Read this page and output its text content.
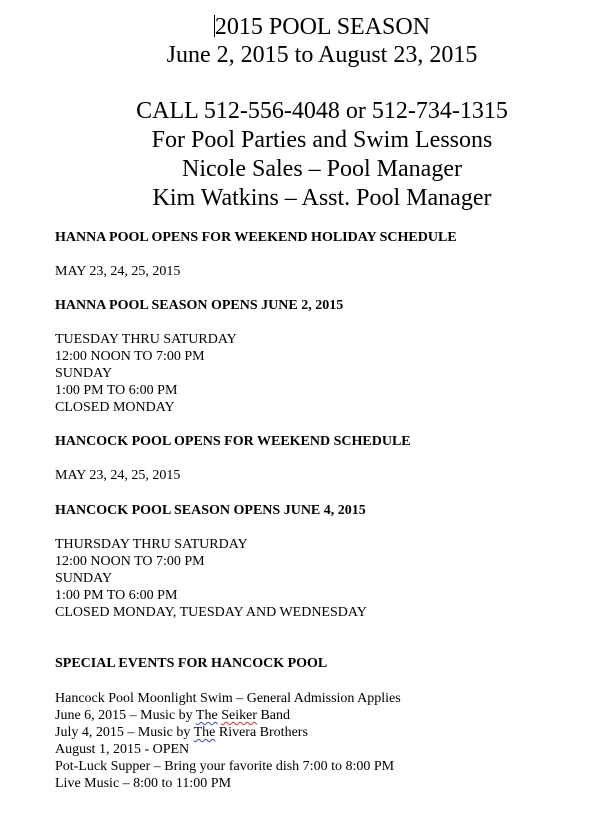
2015 POOL SEASON
June 2, 2015 to August 23, 2015
CALL 512-556-4048 or 512-734-1315
For Pool Parties and Swim Lessons
Nicole Sales – Pool Manager
Kim Watkins – Asst. Pool Manager
HANNA POOL OPENS FOR WEEKEND HOLIDAY SCHEDULE
MAY 23, 24, 25, 2015
HANNA POOL SEASON OPENS JUNE 2, 2015
TUESDAY THRU SATURDAY
12:00 NOON TO 7:00 PM
SUNDAY
1:00 PM TO 6:00 PM
CLOSED MONDAY
HANCOCK POOL OPENS FOR WEEKEND SCHEDULE
MAY 23, 24, 25, 2015
HANCOCK POOL SEASON OPENS JUNE 4, 2015
THURSDAY THRU SATURDAY
12:00 NOON TO 7:00 PM
SUNDAY
1:00 PM TO 6:00 PM
CLOSED MONDAY, TUESDAY AND WEDNESDAY
SPECIAL EVENTS FOR HANCOCK POOL
Hancock Pool Moonlight Swim – General Admission Applies
June 6, 2015 – Music by The Seiker Band
July 4, 2015 – Music by The Rivera Brothers
August 1, 2015 - OPEN
Pot-Luck Supper – Bring your favorite dish 7:00 to 8:00 PM
Live Music – 8:00 to 11:00 PM
